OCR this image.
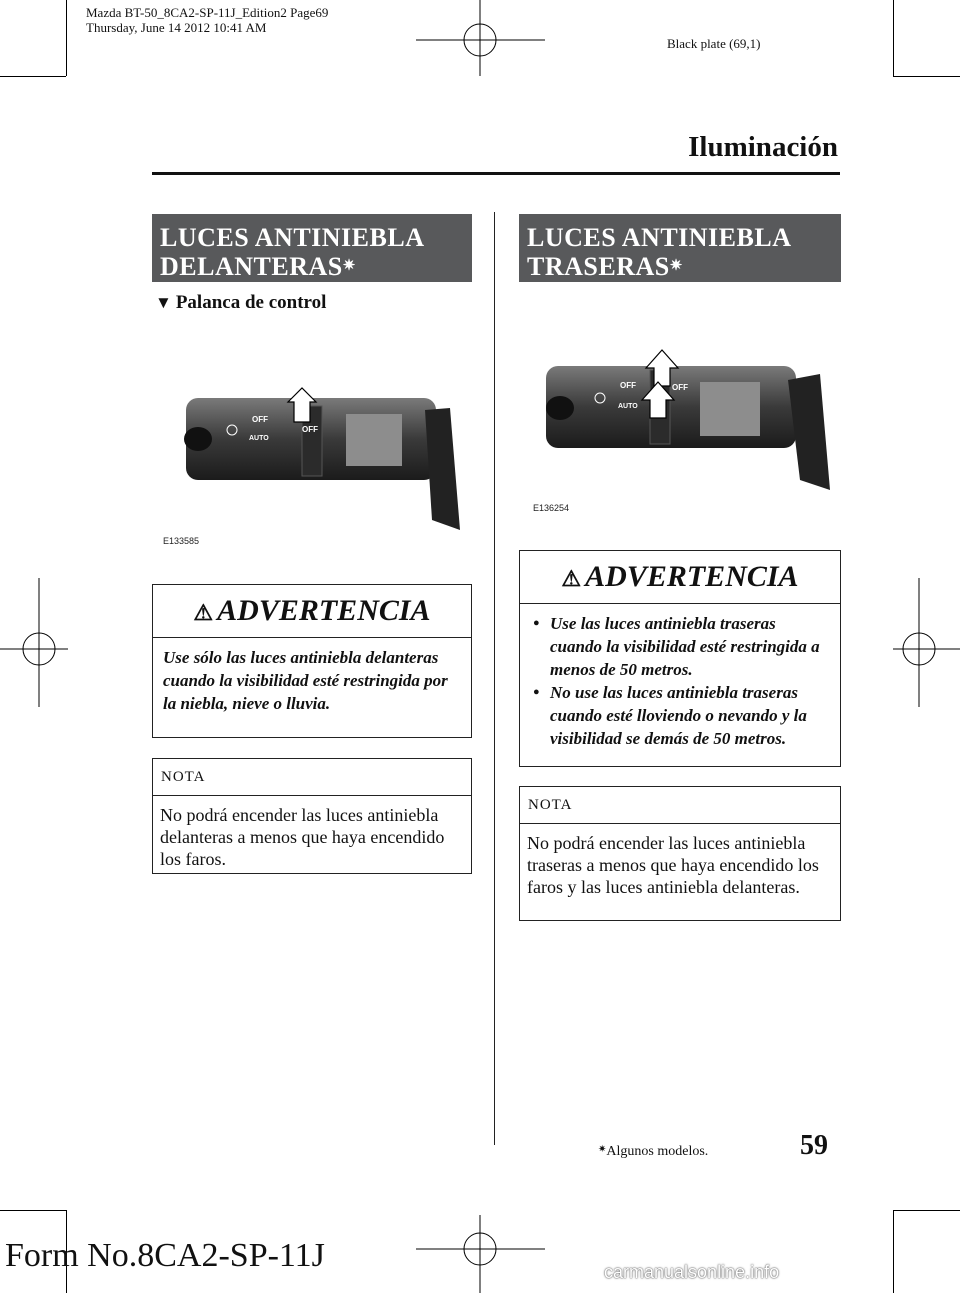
Mazda BT-50_8CA2-SP-11J_Edition2 Page69
Thursday, June 14 2012 10:41 AM
Black plate (69,1)
Iluminación
LUCES ANTINIEBLA
DELANTERAS✷
▼ Palanca de control
OFF
AUTO
OFF
E133585
⚠ ADVERTENCIA
Use sólo las luces antiniebla delanteras cuando la visibilidad esté restringida por la niebla, nieve o lluvia.
NOTA
No podrá encender las luces antiniebla delanteras a menos que haya encendido los faros.
LUCES ANTINIEBLA
TRASERAS✷
OFF
AUTO
OFF
E136254
⚠ ADVERTENCIA
● Use las luces antiniebla traseras cuando la visibilidad esté restringida a menos de 50 metros.
● No use las luces antiniebla traseras cuando esté lloviendo o nevando y la visibilidad se demás de 50 metros.
NOTA
No podrá encender las luces antiniebla traseras a menos que haya encendido los faros y las luces antiniebla delanteras.
✷Algunos modelos.	59
Form No.8CA2-SP-11J	carmanualsonline.info
